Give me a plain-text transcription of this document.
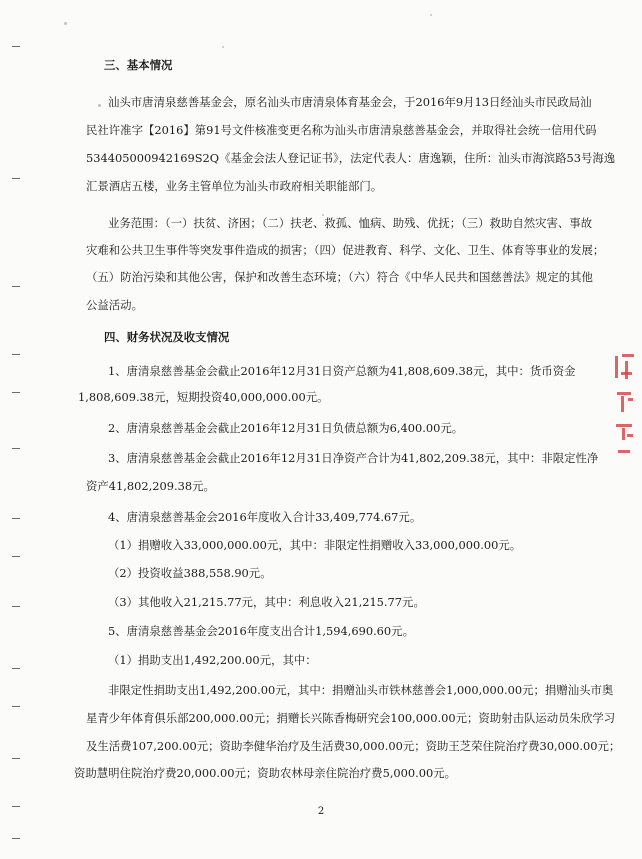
三、基本情况
汕头市唐清泉慈善基金会，原名汕头市唐清泉体育基金会，于2016年9月13日经汕头市民政局汕
民社许准字【2016】第91号文件核准变更名称为汕头市唐清泉慈善基金会，并取得社会统一信用代码
534405000942169S2Q《基金会法人登记证书》，法定代表人：唐逸颖，住所：汕头市海滨路53号海逸
汇景酒店五楼，业务主管单位为汕头市政府相关职能部门。
业务范围：（一）扶贫、济困；（二）扶老、救孤、恤病、助残、优抚；（三）救助自然灾害、事故
灾难和公共卫生事件等突发事件造成的损害；（四）促进教育、科学、文化、卫生、体育等事业的发展；
（五）防治污染和其他公害，保护和改善生态环境；（六）符合《中华人民共和国慈善法》规定的其他
公益活动。
四、财务状况及收支情况
1、唐清泉慈善基金会截止2016年12月31日资产总额为41,808,609.38元，其中：货币资金
1,808,609.38元，短期投资40,000,000.00元。
2、唐清泉慈善基金会截止2016年12月31日负债总额为6,400.00元。
3、唐清泉慈善基金会截止2016年12月31日净资产合计为41,802,209.38元，其中：非限定性净
资产41,802,209.38元。
4、唐清泉慈善基金会2016年度收入合计33,409,774.67元。
（1）捐赠收入33,000,000.00元，其中：非限定性捐赠收入33,000,000.00元。
（2）投资收益388,558.90元。
（3）其他收入21,215.77元，其中：利息收入21,215.77元。
5、唐清泉慈善基金会2016年度支出合计1,594,690.60元。
（1）捐助支出1,492,200.00元，其中：
非限定性捐助支出1,492,200.00元，其中：捐赠汕头市铁林慈善会1,000,000.00元；捐赠汕头市奥
星青少年体育俱乐部200,000.00元；捐赠长兴陈香梅研究会100,000.00元；资助射击队运动员朱欣学习
及生活费107,200.00元；资助李健华治疗及生活费30,000.00元；资助王芝荣住院治疗费30,000.00元；
资助慧明住院治疗费20,000.00元；资助农林母亲住院治疗费5,000.00元。
2
